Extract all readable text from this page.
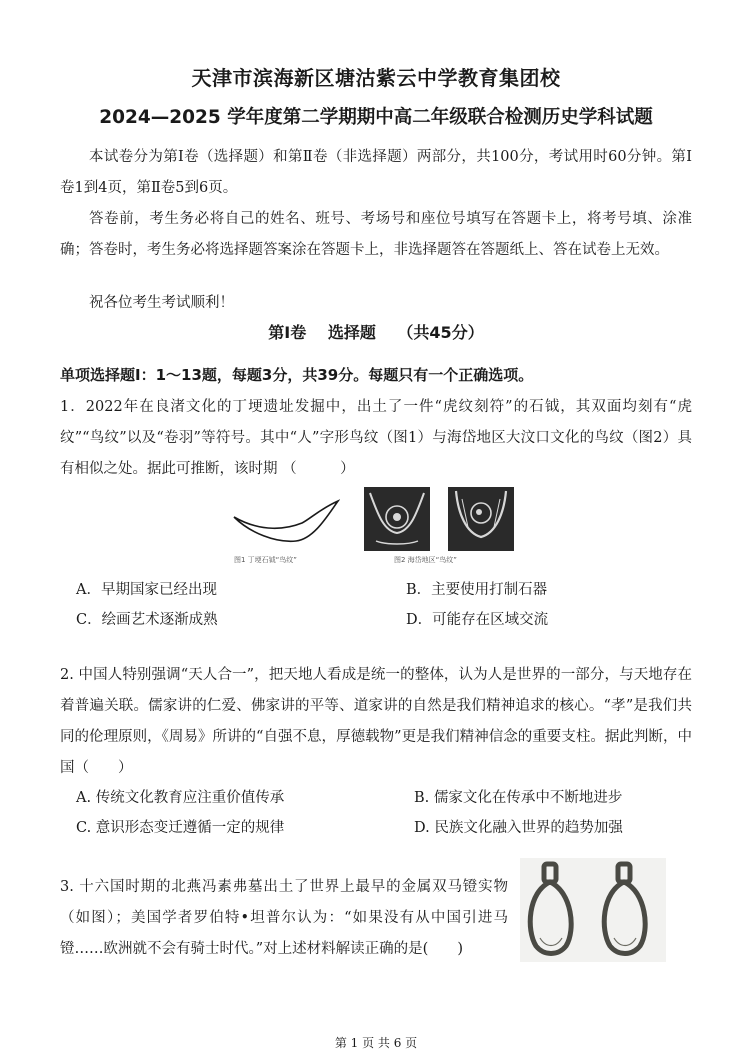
天津市滨海新区塘沽紫云中学教育集团校
2024—2025 学年度第二学期期中高二年级联合检测历史学科试题
本试卷分为第Ⅰ卷（选择题）和第Ⅱ卷（非选择题）两部分，共100分，考试用时60分钟。第Ⅰ卷1到4页，第Ⅱ卷5到6页。
答卷前，考生务必将自己的姓名、班号、考场号和座位号填写在答题卡上，将考号填、涂准确；答卷时，考生务必将选择题答案涂在答题卡上，非选择题答在答题纸上、答在试卷上无效。
祝各位考生考试顺利！
第Ⅰ卷 选择题 （共45分）
单项选择题Ⅰ：1～13题，每题3分，共39分。每题只有一个正确选项。
1．2022年在良渚文化的丁埂遗址发掘中，出土了一件“虎纹刻符”的石钺，其双面均刻有“虎纹”“鸟纹”以及“卷羽”等符号。其中“人”字形鸟纹（图1）与海岱地区大汶口文化的鸟纹（图2）具有相似之处。据此可推断，该时期 （　　　）
图1 丁埂石钺“鸟纹”	图2 海岱地区“鸟纹”
A．早期国家已经出现	B．主要使用打制石器
C．绘画艺术逐渐成熟	D．可能存在区域交流
2. 中国人特别强调“天人合一”，把天地人看成是统一的整体，认为人是世界的一部分，与天地存在着普遍关联。儒家讲的仁爱、佛家讲的平等、道家讲的自然是我们精神追求的核心。“孝”是我们共同的伦理原则，《周易》所讲的“自强不息，厚德载物”更是我们精神信念的重要支柱。据此判断，中国（　　）
A. 传统文化教育应注重价值传承	B. 儒家文化在传承中不断地进步
C. 意识形态变迁遵循一定的规律	D. 民族文化融入世界的趋势加强
3. 十六国时期的北燕冯素弗墓出土了世界上最早的金属双马镫实物（如图）；美国学者罗伯特•坦普尔认为：“如果没有从中国引进马镫……欧洲就不会有骑士时代。”对上述材料解读正确的是(　　)
第 1 页 共 6 页
